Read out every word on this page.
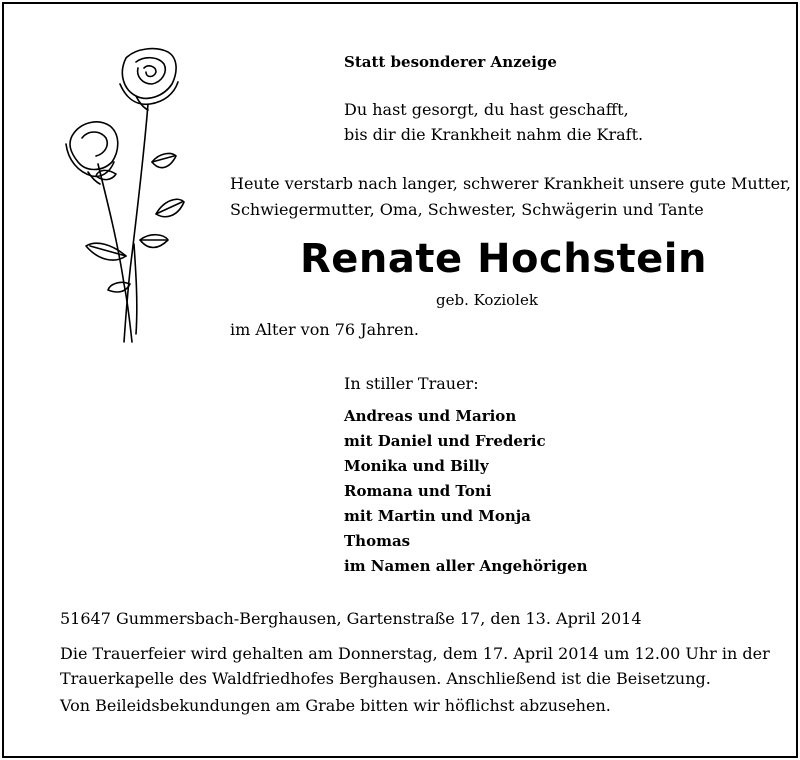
Statt besonderer Anzeige
Du hast gesorgt, du hast geschafft,
bis dir die Krankheit nahm die Kraft.
Heute verstarb nach langer, schwerer Krankheit unsere gute Mutter,
Schwiegermutter, Oma, Schwester, Schwägerin und Tante
Renate Hochstein
geb. Koziolek
im Alter von 76 Jahren.
In stiller Trauer:
Andreas und Marion
mit Daniel und Frederic
Monika und Billy
Romana und Toni
mit Martin und Monja
Thomas
im Namen aller Angehörigen
51647 Gummersbach-Berghausen, Gartenstraße 17, den 13. April 2014
Die Trauerfeier wird gehalten am Donnerstag, dem 17. April 2014 um 12.00 Uhr in der
Trauerkapelle des Waldfriedhofes Berghausen. Anschließend ist die Beisetzung.
Von Beileidsbekundungen am Grabe bitten wir höflichst abzusehen.
